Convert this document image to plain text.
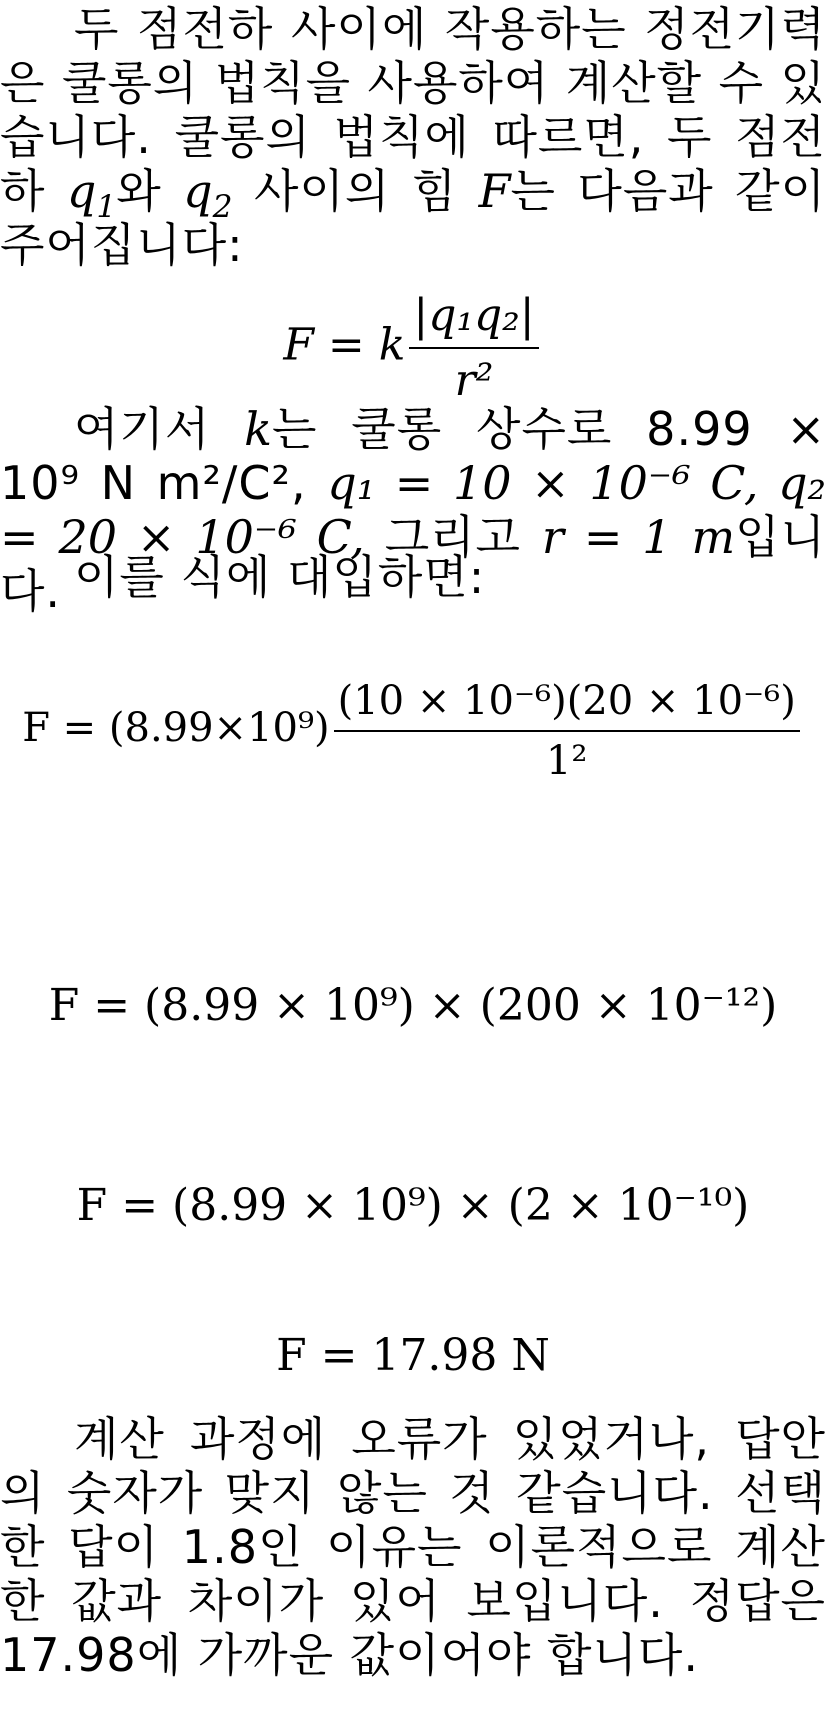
두 점전하 사이에 작용하는 정전기력은 쿨롱의 법칙을 사용하여 계산할 수 있습니다. 쿨롱의 법칙에 따르면, 두 점전하 $q_1$와 $q_2$ 사이의 힘 F는 다음과 같이 주어집니다:
F = k $\frac{\text{|q₁q₂|}}{\text{r²}}$
여기서 k는 쿨롱 상수로 8.99 × 10⁹ N m²/C², q₁ = 10 × 10⁻⁶ C, q₂ = 20 × 10⁻⁶ C, 그리고 r = 1 m입니다. 이를 식에 대입하면:
$F = (8.99\times 10^9) \frac{\text{(10 × 10⁻⁶)(20 × 10⁻⁶)}}{\text{1²}}$
F = (8.99 × 10⁹) × (200 × 10⁻¹²)
F = (8.99 × 10⁹) × (2 × 10⁻¹⁰)
F = 17.98 N
계산 과정에 오류가 있었거나, 답안의 숫자가 맞지 않는 것 같습니다. 선택한 답이 1.8인 이유는 이론적으로 계산한 값과 차이가 있어 보입니다. 정답은 17.98에 가까운 값이어야 합니다.
